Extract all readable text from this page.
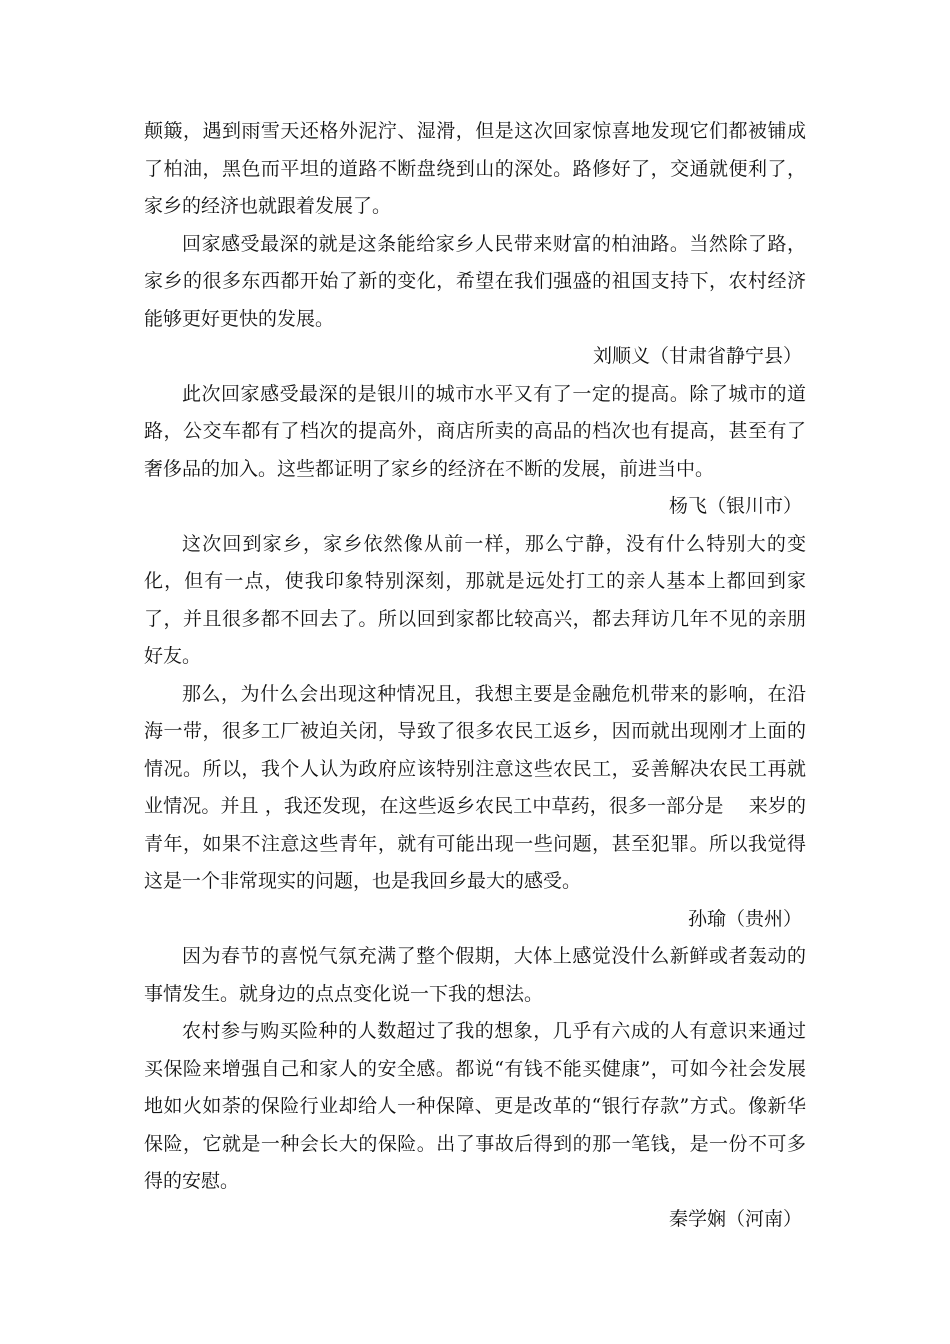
颠簸，遇到雨雪天还格外泥泞、湿滑，但是这次回家惊喜地发现它们都被铺成了柏油，黑色而平坦的道路不断盘绕到山的深处。路修好了，交通就便利了，家乡的经济也就跟着发展了。

回家感受最深的就是这条能给家乡人民带来财富的柏油路。当然除了路，家乡的很多东西都开始了新的变化，希望在我们强盛的祖国支持下，农村经济能够更好更快的发展。

刘顺义（甘肃省静宁县）

此次回家感受最深的是银川的城市水平又有了一定的提高。除了城市的道路，公交车都有了档次的提高外，商店所卖的高品的档次也有提高，甚至有了奢侈品的加入。这些都证明了家乡的经济在不断的发展，前进当中。

杨飞（银川市）

这次回到家乡，家乡依然像从前一样，那么宁静，没有什么特别大的变化，但有一点，使我印象特别深刻，那就是远处打工的亲人基本上都回到家了，并且很多都不回去了。所以回到家都比较高兴，都去拜访几年不见的亲朋好友。

那么，为什么会出现这种情况且，我想主要是金融危机带来的影响，在沿海一带，很多工厂被迫关闭，导致了很多农民工返乡，因而就出现刚才上面的情况。所以，我个人认为政府应该特别注意这些农民工，妥善解决农民工再就业情况。并且 ，我还发现，在这些返乡农民工中草药，很多一部分是　 来岁的青年，如果不注意这些青年，就有可能出现一些问题，甚至犯罪。所以我觉得这是一个非常现实的问题，也是我回乡最大的感受。

孙瑜（贵州）

因为春节的喜悦气氛充满了整个假期，大体上感觉没什么新鲜或者轰动的事情发生。就身边的点点变化说一下我的想法。

农村参与购买险种的人数超过了我的想象，几乎有六成的人有意识来通过买保险来增强自己和家人的安全感。都说“有钱不能买健康”，可如今社会发展地如火如荼的保险行业却给人一种保障、更是改革的“银行存款”方式。像新华保险，它就是一种会长大的保险。出了事故后得到的那一笔钱，是一份不可多得的安慰。

秦学娴（河南）
